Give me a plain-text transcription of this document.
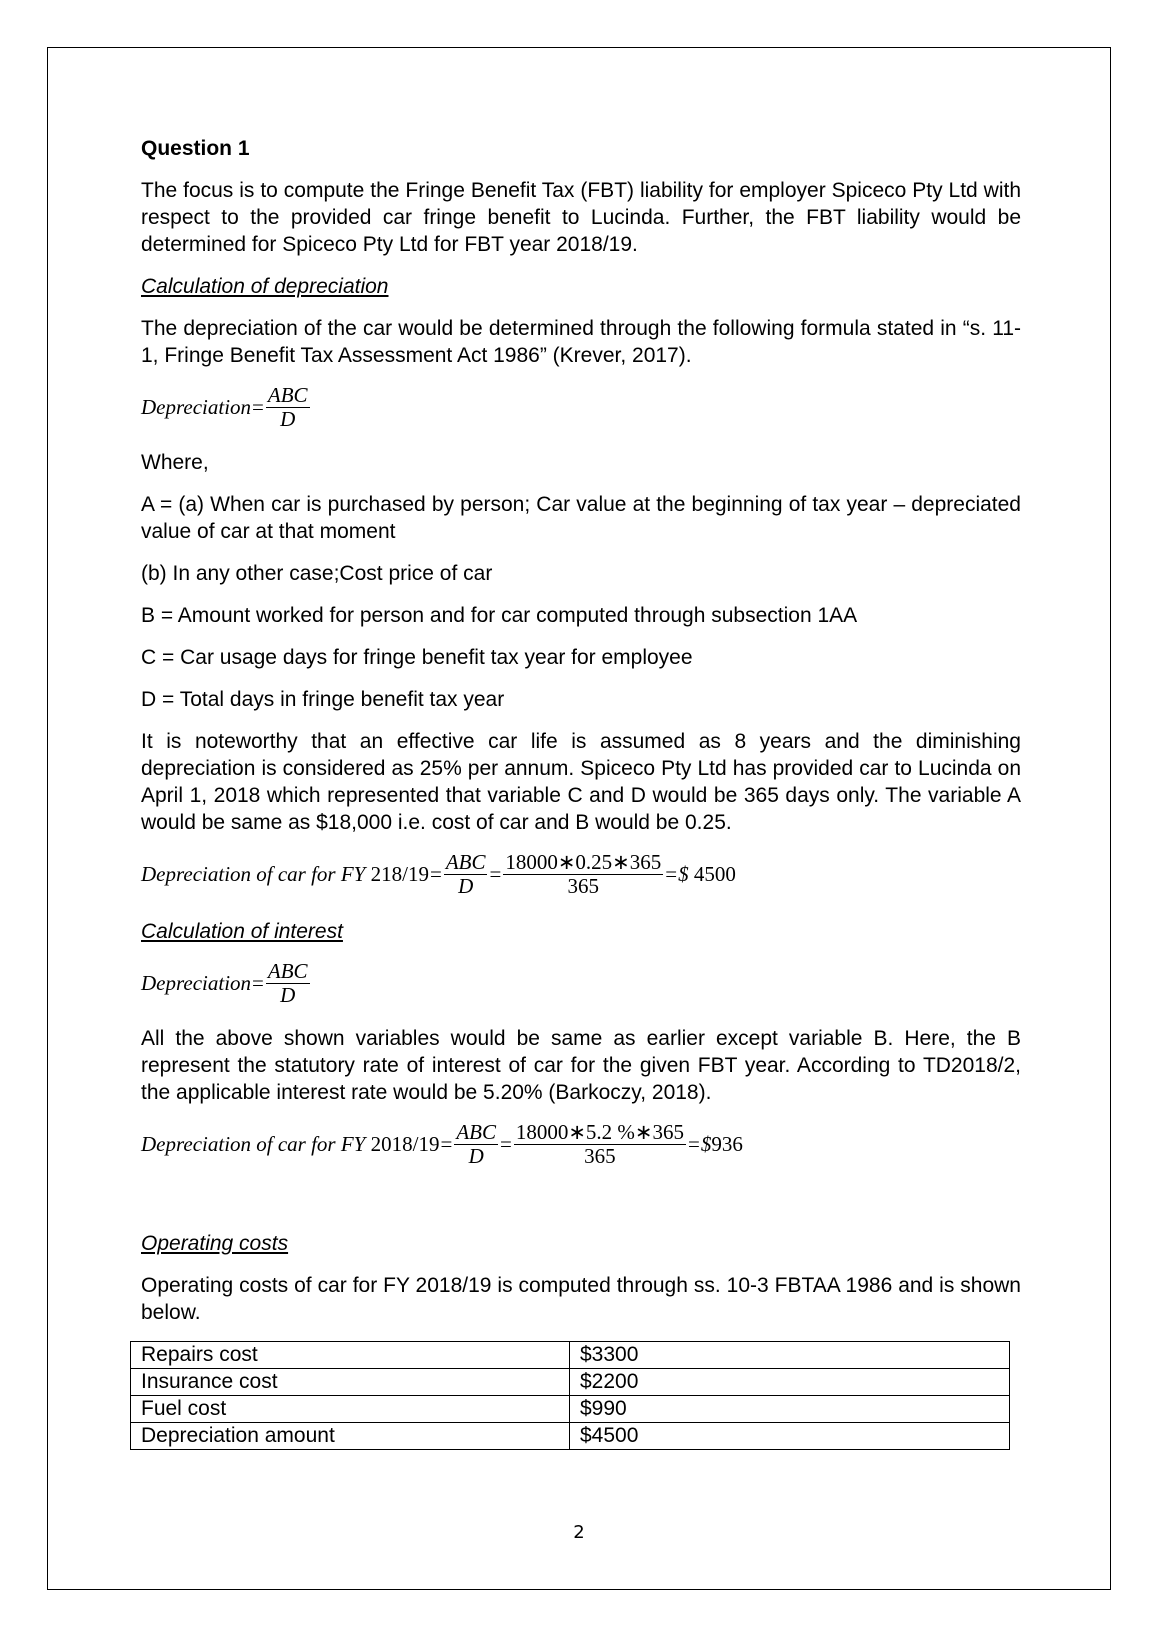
Question 1

The focus is to compute the Fringe Benefit Tax (FBT) liability for employer Spiceco Pty Ltd with respect to the provided car fringe benefit to Lucinda. Further, the FBT liability would be determined for Spiceco Pty Ltd for FBT year 2018/19.

Calculation of depreciation

The depreciation of the car would be determined through the following formula stated in “s. 11-1, Fringe Benefit Tax Assessment Act 1986” (Krever, 2017).

Depreciation = $\frac{\text{ABC}}{D}$

Where,

A = (a) When car is purchased by person; Car value at the beginning of tax year – depreciated value of car at that moment

(b) In any other case;Cost price of car

B = Amount worked for person and for car computed through subsection 1AA

C = Car usage days for fringe benefit tax year for employee

D = Total days in fringe benefit tax year

It is noteworthy that an effective car life is assumed as 8 years and the diminishing depreciation is considered as 25% per annum. Spiceco Pty Ltd has provided car to Lucinda on April 1, 2018 which represented that variable C and D would be 365 days only. The variable A would be same as $18,000 i.e. cost of car and B would be 0.25.

Depreciation of car for FY
$218/19 = \frac{\text{ABC}}{D} = \frac{18000∗0.25∗365}{365}$ = $
4500
Calculation of interest
Depreciation = $\frac{\text{ABC}}{D}$

All the above shown variables would be same as earlier except variable B. Here, the B represent the statutory rate of interest of car for the given FBT year. According to TD2018/2, the applicable interest rate would be 5.20% (Barkoczy, 2018).

Depreciation of car for FY
$2018/19 = \frac{\text{ABC}}{D} = \frac{18000∗5.2 \%∗365}{365}$ = $ 936
Operating costs

Operating costs of car for FY 2018/19 is computed through ss. 10-3 FBTAA 1986 and is shown below.

Repairs cost	$3300
Insurance cost	$2200
Fuel cost	$990
Depreciation amount	$4500
2
